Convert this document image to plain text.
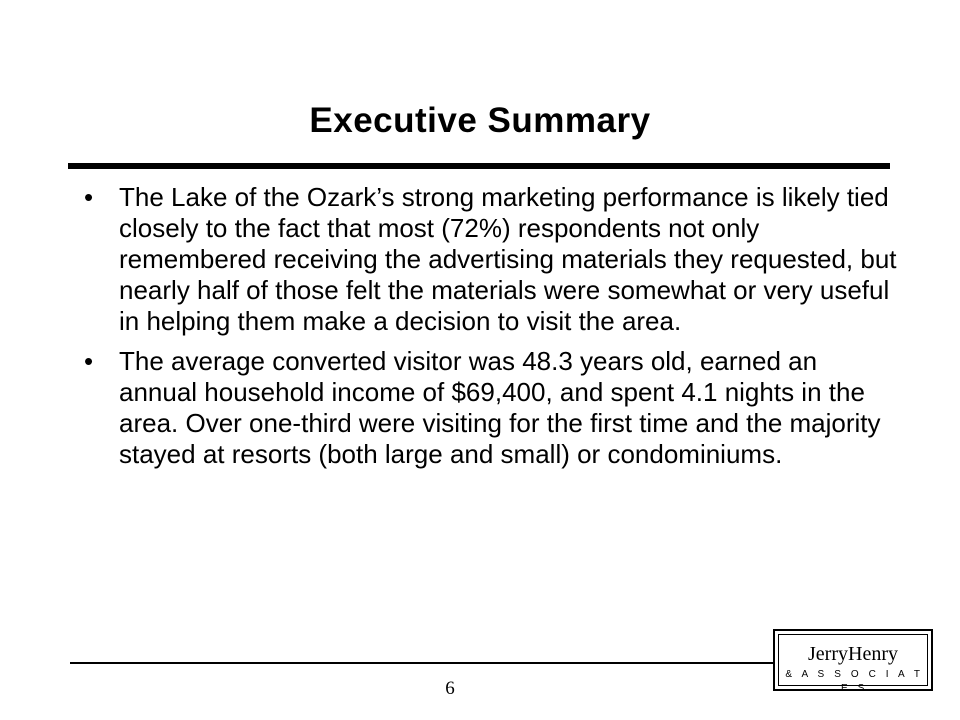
Executive Summary
• The Lake of the Ozark’s strong marketing performance is likely tied closely to the fact that most (72%) respondents not only remembered receiving the advertising materials they requested, but nearly half of those felt the materials were somewhat or very useful in helping them make a decision to visit the area.
• The average converted visitor was 48.3 years old, earned an annual household income of $69,400, and spent 4.1 nights in the area. Over one-third were visiting for the first time and the majority stayed at resorts (both large and small) or condominiums.
6
JerryHenry
& A S S O C I A T E S
